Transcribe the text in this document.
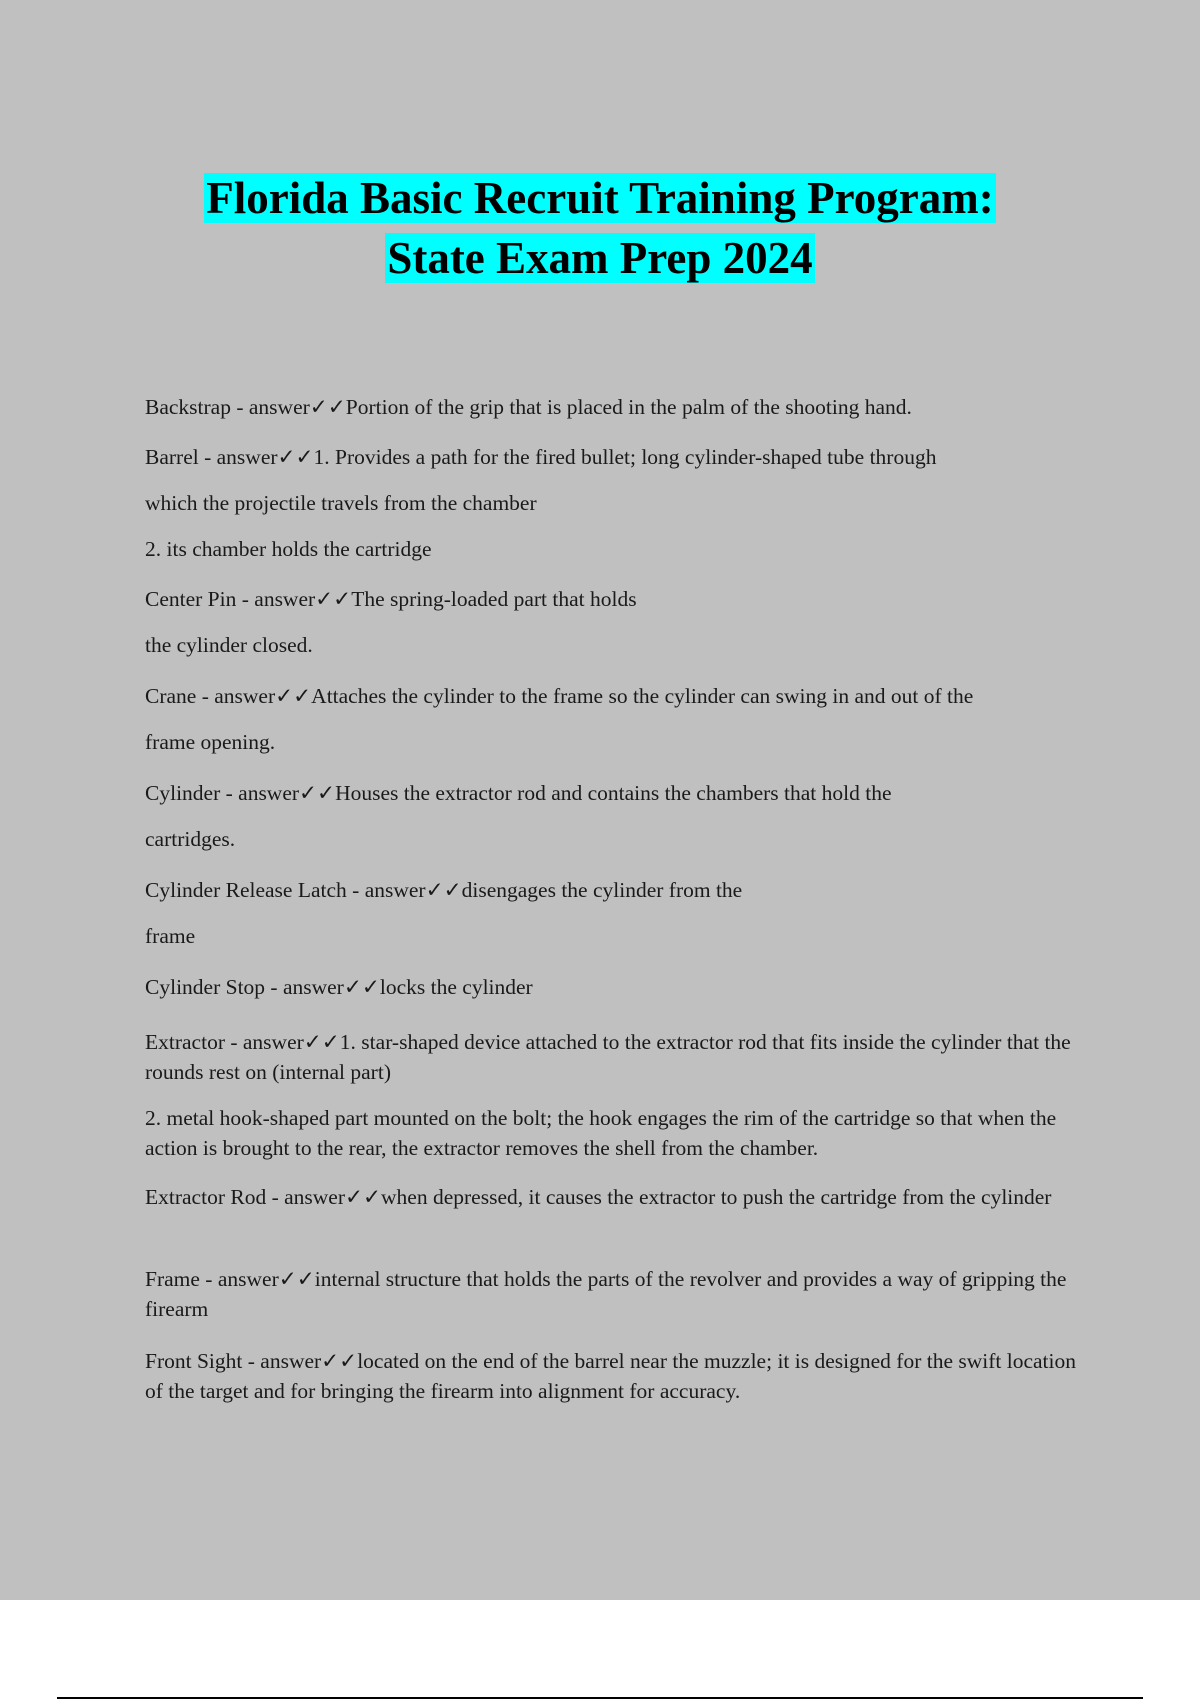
Florida Basic Recruit Training Program:
State Exam Prep 2024

Backstrap - answer✓✓Portion of the grip that is placed in the palm of the shooting hand.

Barrel - answer✓✓1. Provides a path for the fired bullet; long cylinder-shaped tube through

which the projectile travels from the chamber

2. its chamber holds the cartridge

Center Pin - answer✓✓The spring-loaded part that holds

the cylinder closed.

Crane - answer✓✓Attaches the cylinder to the frame so the cylinder can swing in and out of the

frame opening.

Cylinder - answer✓✓Houses the extractor rod and contains the chambers that hold the

cartridges.

Cylinder Release Latch - answer✓✓disengages the cylinder from the

frame

Cylinder Stop - answer✓✓locks the cylinder

Extractor - answer✓✓1. star-shaped device attached to the extractor rod that fits inside the cylinder that the rounds rest on (internal part)

2. metal hook-shaped part mounted on the bolt; the hook engages the rim of the cartridge so that when the action is brought to the rear, the extractor removes the shell from the chamber.

Extractor Rod - answer✓✓when depressed, it causes the extractor to push the cartridge from the cylinder

Frame - answer✓✓internal structure that holds the parts of the revolver and provides a way of gripping the firearm

Front Sight - answer✓✓located on the end of the barrel near the muzzle; it is designed for the swift location of the target and for bringing the firearm into alignment for accuracy.
